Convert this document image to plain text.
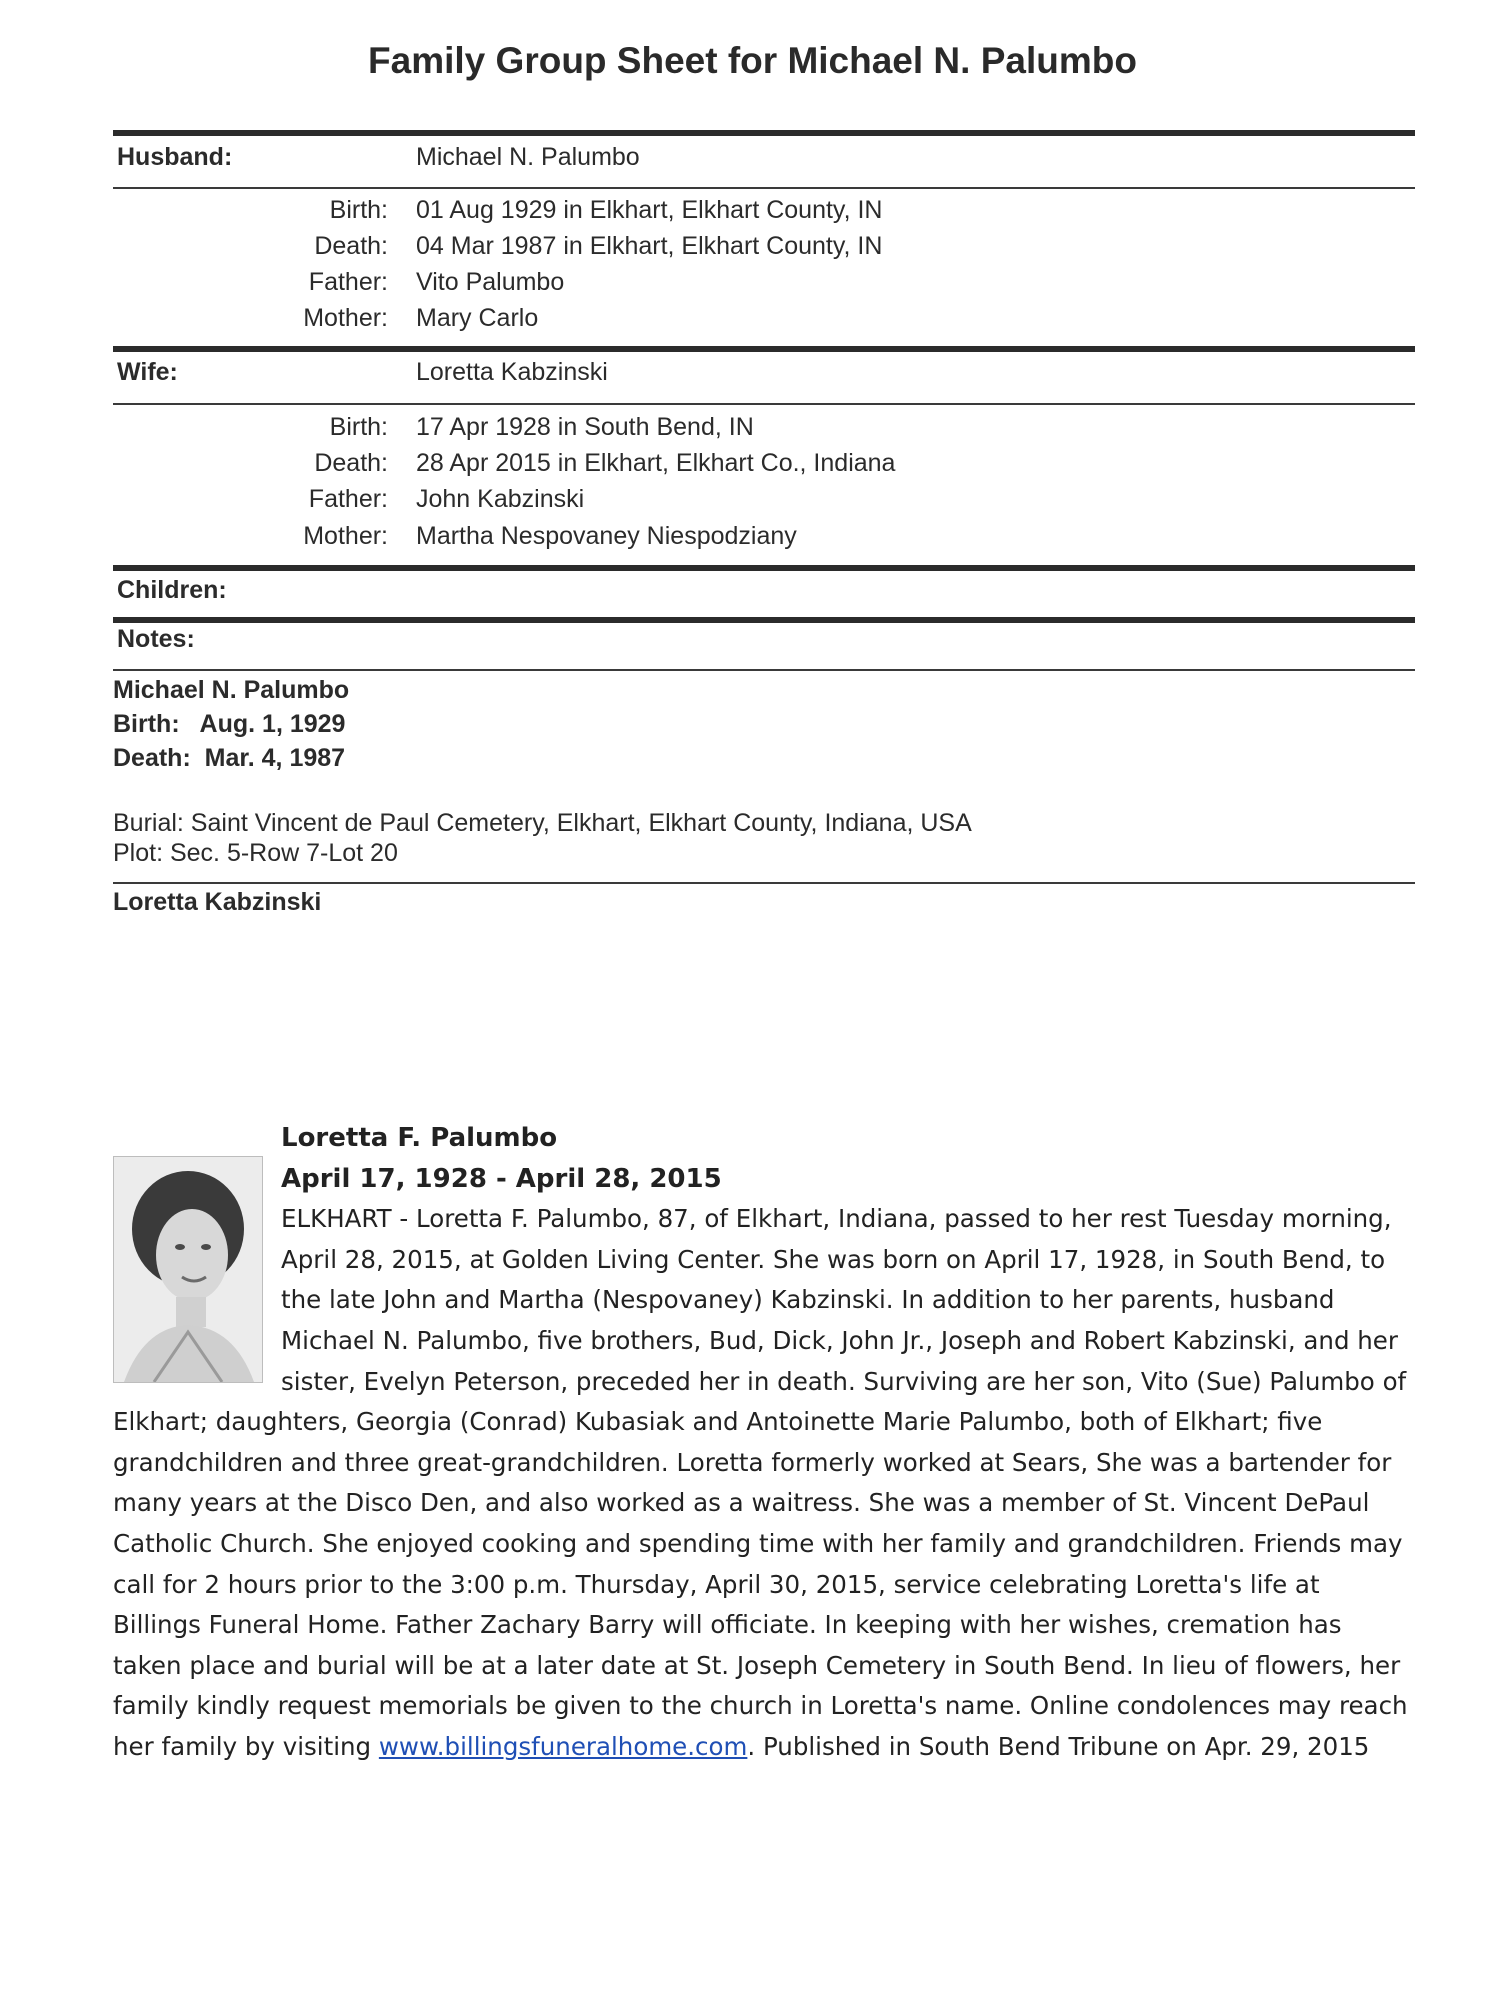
Family Group Sheet for Michael N. Palumbo
Husband:	Michael N. Palumbo
Birth: 01 Aug 1929 in Elkhart, Elkhart County, IN
Death: 04 Mar 1987 in Elkhart, Elkhart County, IN
Father: Vito Palumbo
Mother: Mary Carlo
Wife:	Loretta Kabzinski
Birth: 17 Apr 1928 in South Bend, IN
Death: 28 Apr 2015 in Elkhart, Elkhart Co., Indiana
Father: John Kabzinski
Mother: Martha Nespovaney Niespodziany
Children:
Notes:
Michael N. Palumbo
Birth:   Aug. 1, 1929
Death:  Mar. 4, 1987
Burial: Saint Vincent de Paul Cemetery, Elkhart, Elkhart County, Indiana, USA
Plot: Sec. 5-Row 7-Lot 20
Loretta Kabzinski
Loretta F. Palumbo
April 17, 1928 - April 28, 2015
ELKHART - Loretta F. Palumbo, 87, of Elkhart, Indiana, passed to her rest Tuesday morning, April 28, 2015, at Golden Living Center. She was born on April 17, 1928, in South Bend, to the late John and Martha (Nespovaney) Kabzinski. In addition to her parents, husband Michael N. Palumbo, five brothers, Bud, Dick, John Jr., Joseph and Robert Kabzinski, and her sister, Evelyn Peterson, preceded her in death. Surviving are her son, Vito (Sue) Palumbo of Elkhart; daughters, Georgia (Conrad) Kubasiak and Antoinette Marie Palumbo, both of Elkhart; five grandchildren and three great-grandchildren. Loretta formerly worked at Sears, She was a bartender for many years at the Disco Den, and also worked as a waitress. She was a member of St. Vincent DePaul Catholic Church. She enjoyed cooking and spending time with her family and grandchildren. Friends may call for 2 hours prior to the 3:00 p.m. Thursday, April 30, 2015, service celebrating Loretta's life at Billings Funeral Home. Father Zachary Barry will officiate. In keeping with her wishes, cremation has taken place and burial will be at a later date at St. Joseph Cemetery in South Bend. In lieu of flowers, her family kindly request memorials be given to the church in Loretta's name. Online condolences may reach her family by visiting www.billingsfuneralhome.com. Published in South Bend Tribune on Apr. 29, 2015
